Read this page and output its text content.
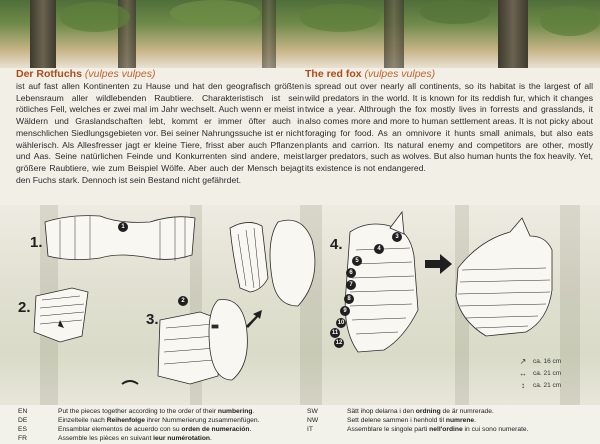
Der Rotfuchs (vulpes vulpes)
ist auf fast allen Kontinenten zu Hause und hat den geografisch größten Lebensraum aller wildlebenden Raubtiere. Charakteristisch ist sein rötliches Fell, welches er zwei mal im Jahr wechselt. Auch wenn er meist in Wäldern und Graslandschaften lebt, kommt er immer öfter auch in menschlichen Siedlungsgebieten vor. Bei seiner Nahrungssuche ist er nicht wählerisch. Als Allesfresser jagt er kleine Tiere, frisst aber auch Pflanzen und Aas. Seine natürlichen Feinde und Konkurrenten sind andere, meist größere Raubtiere, wie zum Beispiel Wölfe. Aber auch der Mensch bejagt den Fuchs stark. Dennoch ist sein Bestand nicht gefährdet.
The red fox (vulpes vulpes)
is spread out over nearly all continents, so its habitat is the largest of all wild predators in the world. It is known for its reddish fur, which it changes twice a year. Althrough the fox mostly lives in forrests and grasslands, it also comes more and more to human settlement areas. It is not picky about foraging for food. As an omnivore it hunts small animals, but also eats plants and carrion. Its natural enemy and competitors are other, mostly larger predators, such as wolves. But also human hunts the fox heavily. Yet, its existence is not endangered.
1.
2.
3.
4.
1
2
3
4
5
6
7
8
9
10
11
12
↗	ca. 16 cm
↔ ca. 21 cm
↕	ca. 21 cm
EN	Put the pieces together according to the order of their numbering.
DE	Einzelteile nach Reihenfolge ihrer Nummerierung zusammenfügen.
ES	Ensamblar elementos de acuerdo con su orden de numeración.
FR	Assemble les pièces en suivant leur numérotation.
SW	Sätt ihop delarna i den ordning de är numrerade.
NW	Sett delene sammen i henhold til numrene.
IT	Assemblare le singole parti nell'ordine in cui sono numerate.
